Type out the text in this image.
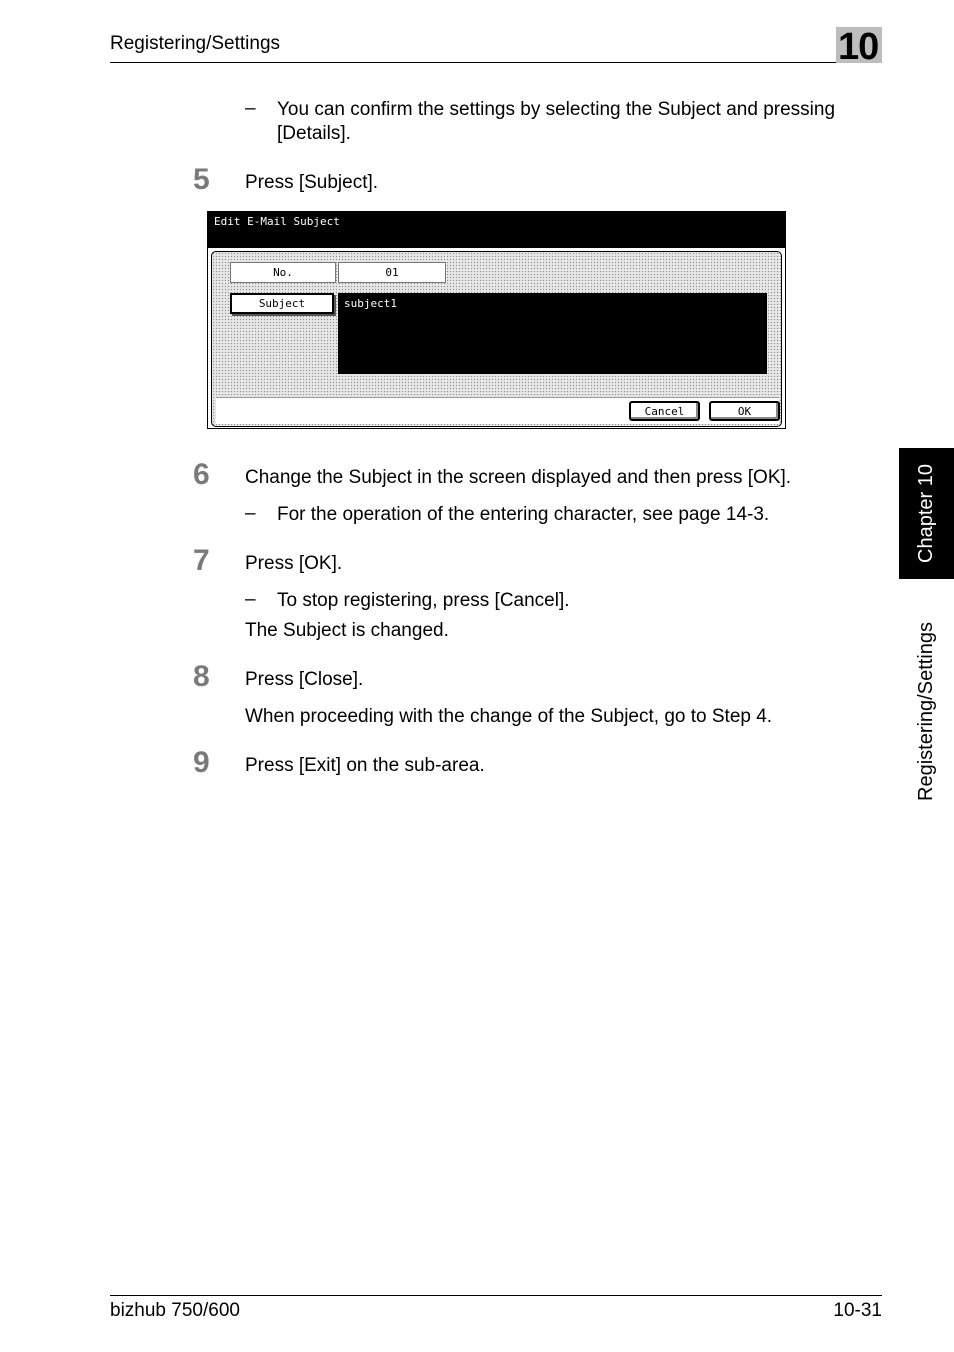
Registering/Settings	10
– You can confirm the settings by selecting the Subject and pressing [Details].
5 Press [Subject].
Edit E-Mail Subject
No.	01
Subject	subject1
Cancel	OK
6 Change the Subject in the screen displayed and then press [OK].
– For the operation of the entering character, see page 14-3.
7 Press [OK].
– To stop registering, press [Cancel].
The Subject is changed.
8 Press [Close].
When proceeding with the change of the Subject, go to Step 4.
9 Press [Exit] on the sub-area.
Chapter 10
Registering/Settings
bizhub 750/600	10-31
